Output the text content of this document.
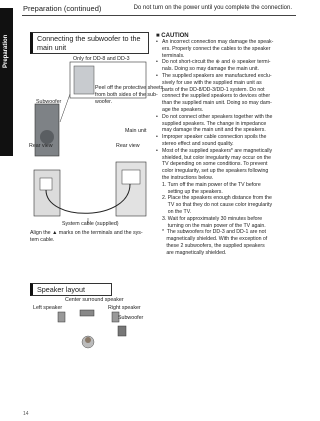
Preparation (continued)	Do not turn on the power until you complete the connection.
Preparation	Connecting the subwoofer to the
main unit
Only for DD-8 and DD-3
Subwoofer
Peel off the protective sheets
from both sides of the sub-
woofer.
Main unit
Rear view	Rear view
System cable (supplied)
Align the ▲ marks on the terminals and the sys-
tem cable.
■ CAUTION
• An incorrect connection may damage the speak-
ers. Properly connect the cables to the speaker
terminals.
• Do not short-circuit the ⊕ and ⊖ speaker termi-
nals. Doing so may damage the main unit.
• The supplied speakers are manufactured exclu-
sively for use with the supplied main unit as
parts of the DD-8/DD-3/DD-1 system. Do not
connect the supplied speakers to devices other
than the supplied main unit. Doing so may dam-
age the speakers.
• Do not connect other speakers together with the
supplied speakers. The change in impedance
may damage the main unit and the speakers.
• Improper speaker cable connection spoils the
stereo effect and sound quality.
• Most of the supplied speakers* are magnetically
shielded, but color irregularity may occur on the
TV depending on some conditions. To prevent
color irregularity, set up the speakers following
the instructions below.
1. Turn off the main power of the TV before
setting up the speakers.
2. Place the speakers enough distance from the
TV so that they do not cause color irregularity
on the TV.
3. Wait for approximately 30 minutes before
turning on the main power of the TV again.
*  The subwoofers for DD-3 and DD-1 are not
magnetically shielded. With the exception of
these 2 subwoofers, the supplied speakers
are magnetically shielded.
Speaker layout
Center surround speaker
Left speaker	Right speaker
Subwoofer
14
